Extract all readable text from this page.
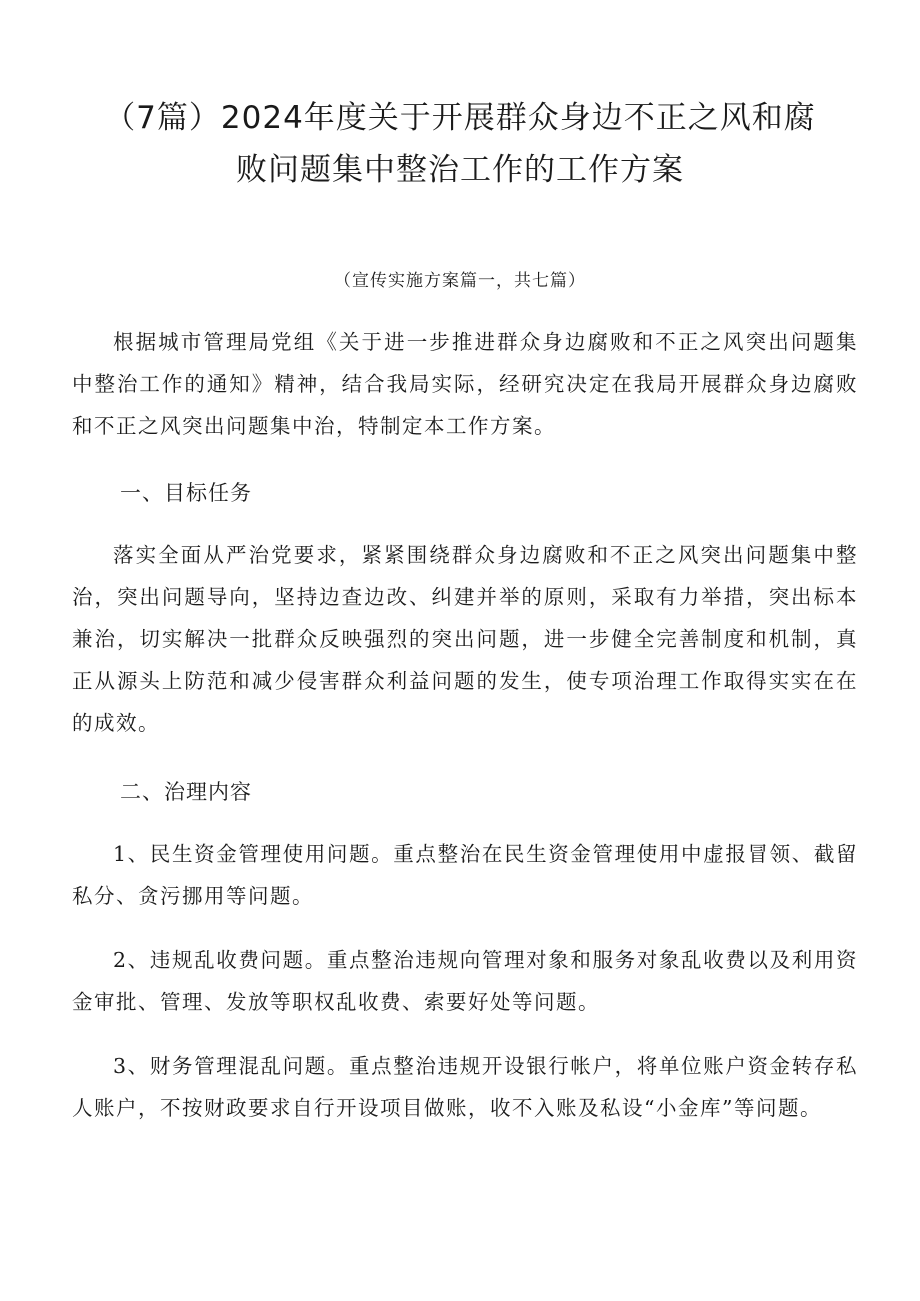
（7篇）2024年度关于开展群众身边不正之风和腐
败问题集中整治工作的工作方案
（宣传实施方案篇一，共七篇）

根据城市管理局党组《关于进一步推进群众身边腐败和不正之风突出问题集中整治工作的通知》精神，结合我局实际，经研究决定在我局开展群众身边腐败和不正之风突出问题集中治，特制定本工作方案。

一、目标任务

落实全面从严治党要求，紧紧围绕群众身边腐败和不正之风突出问题集中整治，突出问题导向，坚持边查边改、纠建并举的原则，采取有力举措，突出标本兼治，切实解决一批群众反映强烈的突出问题，进一步健全完善制度和机制，真正从源头上防范和减少侵害群众利益问题的发生，使专项治理工作取得实实在在的成效。

二、治理内容

1、民生资金管理使用问题。重点整治在民生资金管理使用中虚报冒领、截留私分、贪污挪用等问题。

2、违规乱收费问题。重点整治违规向管理对象和服务对象乱收费以及利用资金审批、管理、发放等职权乱收费、索要好处等问题。

3、财务管理混乱问题。重点整治违规开设银行帐户，将单位账户资金转存私人账户，不按财政要求自行开设项目做账，收不入账及私设“小金库”等问题。
